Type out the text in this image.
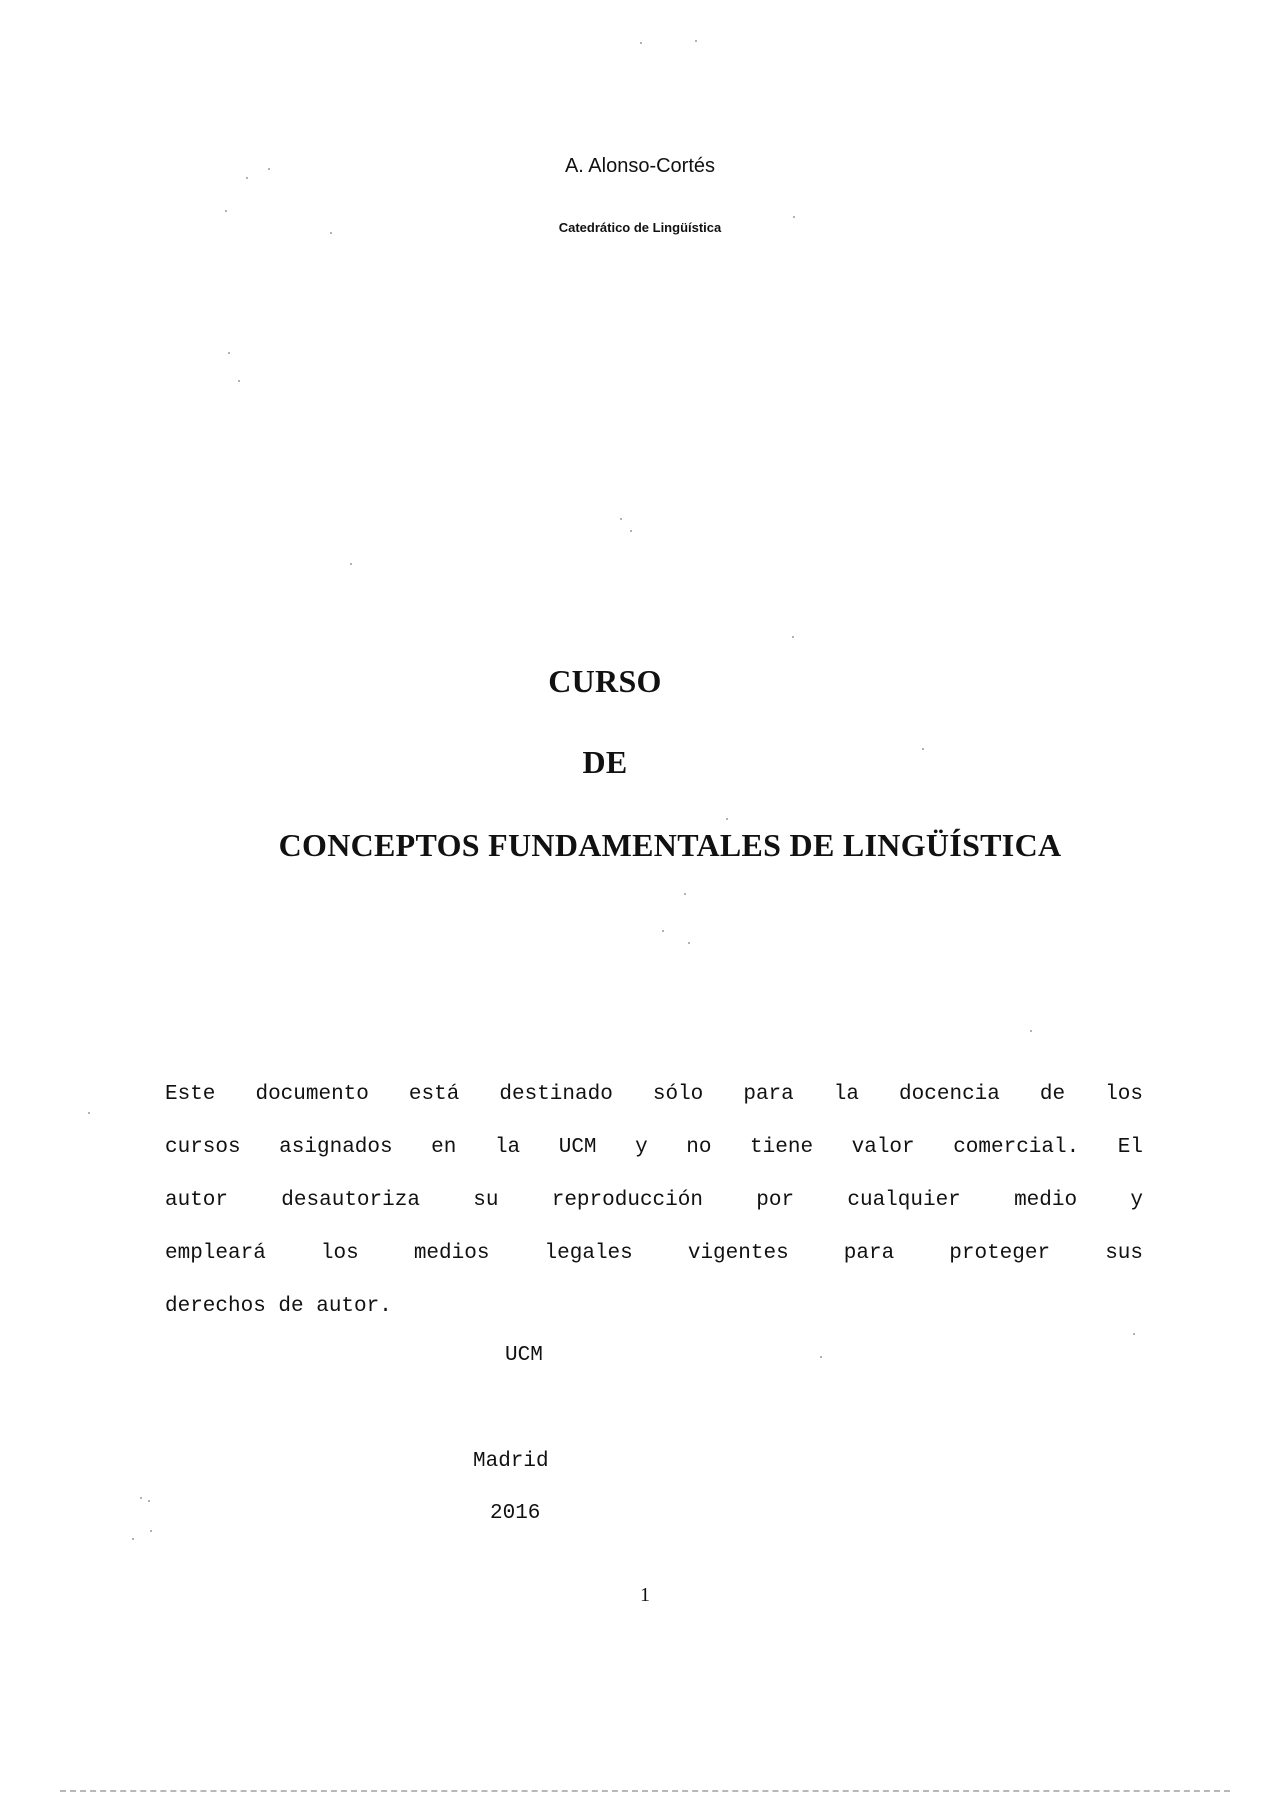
A. Alonso-Cortés
Catedrático de Lingüística
CURSO
DE
CONCEPTOS FUNDAMENTALES DE LINGÜÍSTICA
Este documento está destinado sólo para la docencia de los
cursos asignados en la UCM y no tiene valor comercial. El
autor desautoriza su reproducción por cualquier medio y
empleará los medios legales vigentes para proteger sus
derechos de autor.
UCM
Madrid
2016
1
